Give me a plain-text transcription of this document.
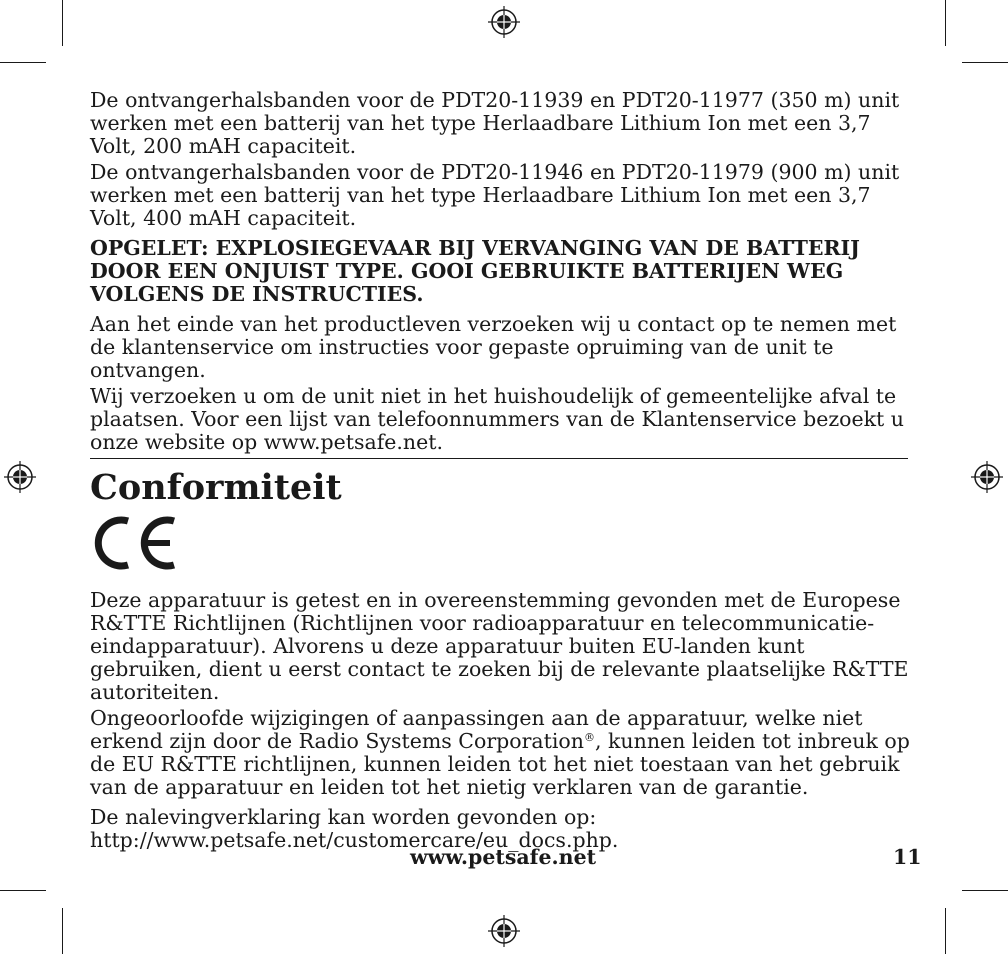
De ontvangerhalsbanden voor de PDT20-11939 en PDT20-11977 (350 m) unit werken met een batterij van het type Herlaadbare Lithium Ion met een 3,7 Volt, 200 mAH capaciteit.

De ontvangerhalsbanden voor de PDT20-11946 en PDT20-11979 (900 m) unit werken met een batterij van het type Herlaadbare Lithium Ion met een 3,7 Volt, 400 mAH capaciteit.

OPGELET: EXPLOSIEGEVAAR BIJ VERVANGING VAN DE BATTERIJ DOOR EEN ONJUIST TYPE. GOOI GEBRUIKTE BATTERIJEN WEG VOLGENS DE INSTRUCTIES.

Aan het einde van het productleven verzoeken wij u contact op te nemen met de klantenservice om instructies voor gepaste opruiming van de unit te ontvangen.

Wij verzoeken u om de unit niet in het huishoudelijk of gemeentelijke afval te plaatsen. Voor een lijst van telefoonnummers van de Klantenservice bezoekt u onze website op www.petsafe.net.

Conformiteit

Deze apparatuur is getest en in overeenstemming gevonden met de Europese R&TTE Richtlijnen (Richtlijnen voor radioapparatuur en telecommunicatie-eindapparatuur). Alvorens u deze apparatuur buiten EU-landen kunt gebruiken, dient u eerst contact te zoeken bij de relevante plaatselijke R&TTE autoriteiten.

Ongeoorloofde wijzigingen of aanpassingen aan de apparatuur, welke niet erkend zijn door de Radio Systems Corporation®, kunnen leiden tot inbreuk op de EU R&TTE richtlijnen, kunnen leiden tot het niet toestaan van het gebruik van de apparatuur en leiden tot het nietig verklaren van de garantie.

De nalevingverklaring kan worden gevonden op:
http://www.petsafe.net/customercare/eu_docs.php.

www.petsafe.net	11
